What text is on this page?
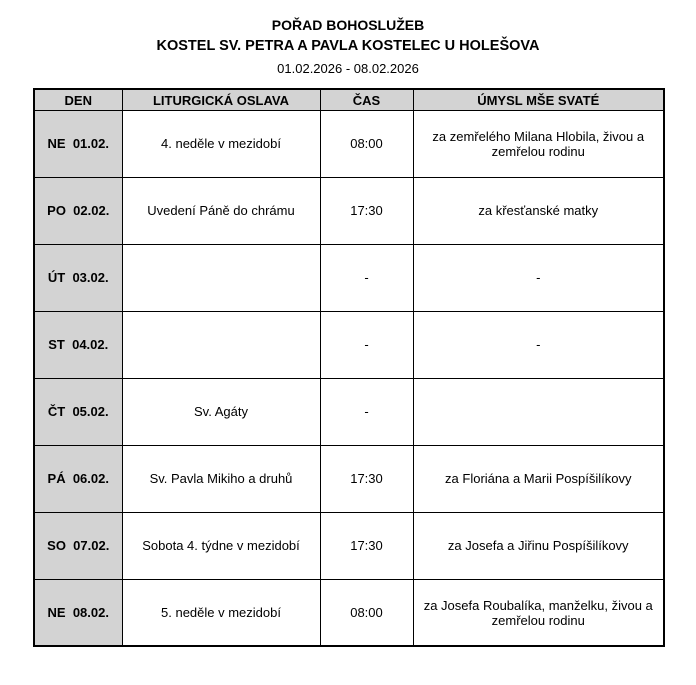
POŘAD BOHOSLUŽEB
KOSTEL SV. PETRA A PAVLA KOSTELEC U HOLEŠOVA
01.02.2026 - 08.02.2026
DEN	LITURGICKÁ OSLAVA	ČAS	ÚMYSL MŠE SVATÉ
NE  01.02.	4. neděle v mezidobí	08:00	za zemřelého Milana Hlobila, živou a zemřelou rodinu
PO  02.02.	Uvedení Páně do chrámu	17:30	za křesťanské matky
ÚT  03.02.		-	-
ST  04.02.		-	-
ČT  05.02.	Sv. Agáty	-	
PÁ  06.02.	Sv. Pavla Mikiho a druhů	17:30	za Floriána a Marii Pospíšilíkovy
SO  07.02.	Sobota 4. týdne v mezidobí	17:30	za Josefa a Jiřinu Pospíšilíkovy
NE  08.02.	5. neděle v mezidobí	08:00	za Josefa Roubalíka, manželku, živou a zemřelou rodinu
